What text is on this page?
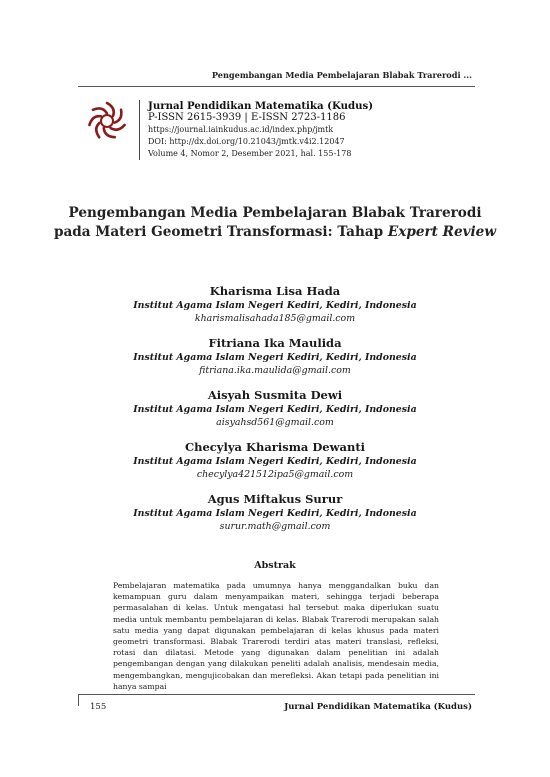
Pengembangan Media Pembelajaran Blabak Trarerodi ...
Jurnal Pendidikan Matematika (Kudus)
P-ISSN 2615-3939 | E-ISSN 2723-1186
https://journal.iainkudus.ac.id/index.php/jmtk
DOI: http://dx.doi.org/10.21043/jmtk.v4i2.12047
Volume 4, Nomor 2, Desember 2021, hal. 155-178
Pengembangan Media Pembelajaran Blabak Trarerodi
pada Materi Geometri Transformasi: Tahap Expert Review
Kharisma Lisa Hada
Institut Agama Islam Negeri Kediri, Kediri, Indonesia
kharismalisahada185@gmail.com
Fitriana Ika Maulida
Institut Agama Islam Negeri Kediri, Kediri, Indonesia
fitriana.ika.maulida@gmail.com
Aisyah Susmita Dewi
Institut Agama Islam Negeri Kediri, Kediri, Indonesia
aisyahsd561@gmail.com
Checylya Kharisma Dewanti
Institut Agama Islam Negeri Kediri, Kediri, Indonesia
checylya421512ipa5@gmail.com
Agus Miftakus Surur
Institut Agama Islam Negeri Kediri, Kediri, Indonesia
surur.math@gmail.com
Abstrak
Pembelajaran matematika pada umumnya hanya menggandalkan buku dan kemampuan guru dalam menyampaikan materi, sehingga terjadi beberapa permasalahan di kelas. Untuk mengatasi hal tersebut maka diperlukan suatu media untuk membantu pembelajaran di kelas. Blabak Trarerodi merupakan salah satu media yang dapat digunakan pembelajaran di kelas khusus pada materi geometri transformasi. Blabak Trarerodi terdiri atas materi translasi, refleksi, rotasi dan dilatasi. Metode yang digunakan dalam penelitian ini adalah pengembangan dengan yang dilakukan peneliti adalah analisis, mendesain media, mengembangkan, mengujicobakan dan merefleksi. Akan tetapi pada penelitian ini hanya sampai
155	Jurnal Pendidikan Matematika (Kudus)
